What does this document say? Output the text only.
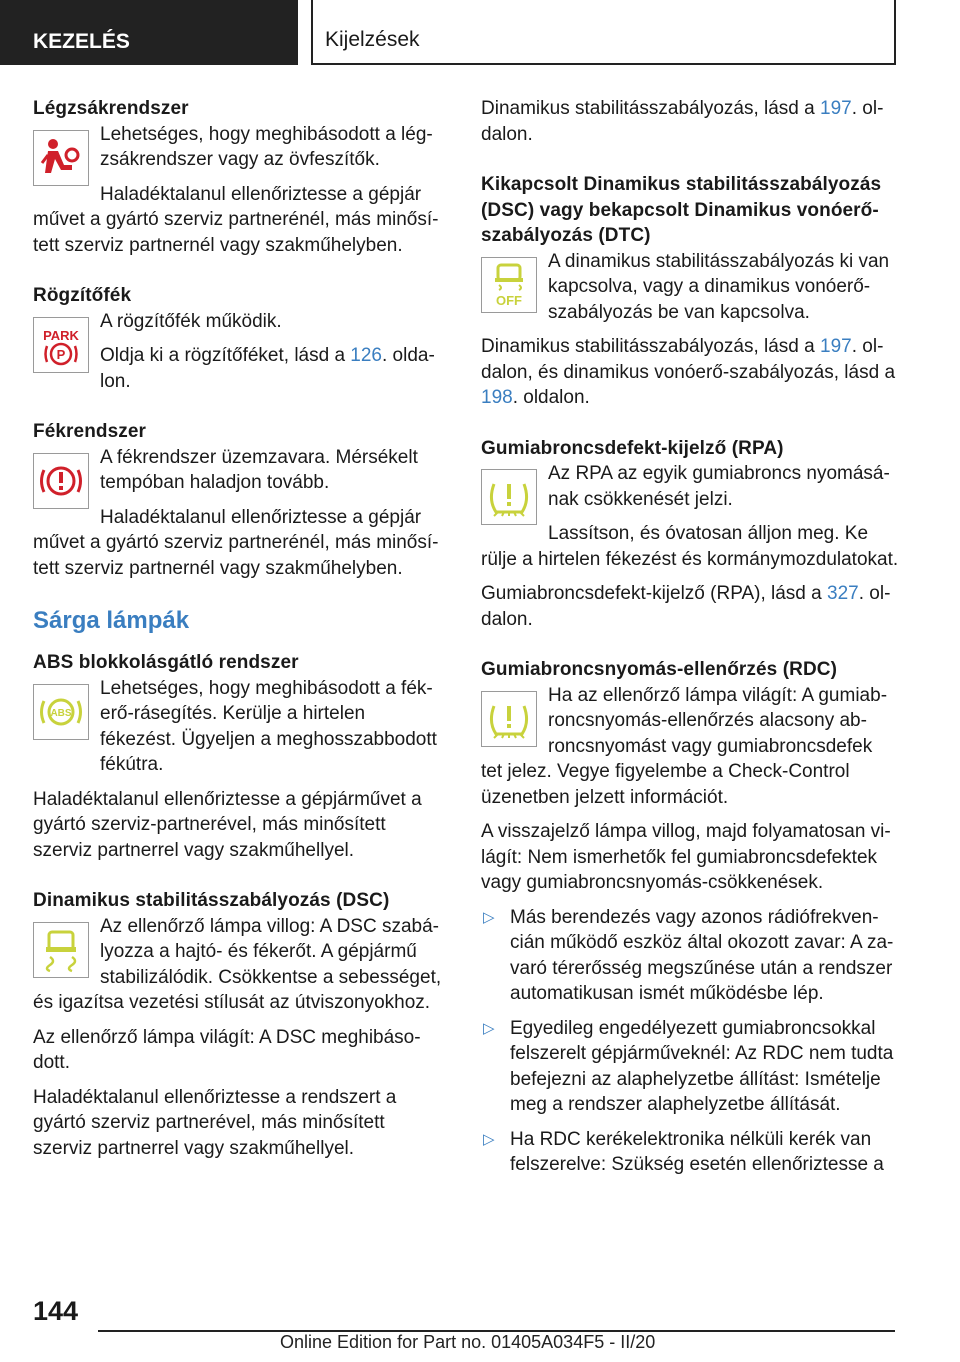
KEZELÉS	Kijelzések
Légzsákrendszer

Lehetséges, hogy meghibásodott a légzsákrendszer vagy az övfeszítők.

Haladéktalanul ellenőriztesse a gépjár

művet a gyártó szerviz partnerénél, más minősített szerviz partnernél vagy szakműhelyben.

Rögzítőfék
PARK
P

A rögzítőfék működik.

Oldja ki a rögzítőféket, lásd a 126. oldalon.

Fékrendszer

A fékrendszer üzemzavara. Mérsékelt tempóban haladjon tovább.

Haladéktalanul ellenőriztesse a gépjár

művet a gyártó szerviz partnerénél, más minősített szerviz partnernél vagy szakműhelyben.

Sárga lámpák
ABS blokkolásgátló rendszer
ABS

Lehetséges, hogy meghibásodott a fékerő-rásegítés. Kerülje a hirtelen fékezést. Ügyeljen a meghosszabbodott fékútra.

Haladéktalanul ellenőriztesse a gépjárművet a gyártó szerviz-partnerével, más minősített szerviz partnerrel vagy szakműhellyel.

Dinamikus stabilitásszabályozás (DSC)

Az ellenőrző lámpa villog: A DSC szabályozza a hajtó- és fékerőt. A gépjármű stabilizálódik. Csökkentse a sebességet,

és igazítsa vezetési stílusát az útviszonyokhoz.

Az ellenőrző lámpa világít: A DSC meghibásodott.

Haladéktalanul ellenőriztesse a rendszert a gyártó szerviz partnerével, más minősített szerviz partnerrel vagy szakműhellyel.

Dinamikus stabilitásszabályozás, lásd a 197. oldalon.

Kikapcsolt Dinamikus stabilitásszabályozás (DSC) vagy bekapcsolt Dinamikus vonóerőszabályozás (DTC)
OFF

A dinamikus stabilitásszabályozás ki van kapcsolva, vagy a dinamikus vonóerőszabályozás be van kapcsolva.

Dinamikus stabilitásszabályozás, lásd a 197. oldalon, és dinamikus vonóerő-szabályozás, lásd a 198. oldalon.

Gumiabroncsdefekt-kijelző (RPA)

Az RPA az egyik gumiabroncs nyomásának csökkenését jelzi.

Lassítson, és óvatosan álljon meg. Ke

rülje a hirtelen fékezést és kormánymozdulatokat.

Gumiabroncsdefekt-kijelző (RPA), lásd a 327. oldalon.

Gumiabroncsnyomás-ellenőrzés (RDC)

Ha az ellenőrző lámpa világít: A gumiabroncsnyomás-ellenőrzés alacsony abroncsnyomást vagy gumiabroncsdefek

tet jelez. Vegye figyelembe a Check-Control üzenetben jelzett információt.

A visszajelző lámpa villog, majd folyamatosan világít: Nem ismerhetők fel gumiabroncsdefektek vagy gumiabroncsnyomás-csökkenések.

▷ Más berendezés vagy azonos rádiófrekvencián működő eszköz által okozott zavar: A zavaró térerősség megszűnése után a rendszer automatikusan ismét működésbe lép.
▷ Egyedileg engedélyezett gumiabroncsokkal felszerelt gépjárműveknél: Az RDC nem tudta befejezni az alaphelyzetbe állítást: Ismételje meg a rendszer alaphelyzetbe állítását.
▷ Ha RDC kerékelektronika nélküli kerék van felszerelve: Szükség esetén ellenőriztesse a
144
Online Edition for Part no. 01405A034F5 - II/20
